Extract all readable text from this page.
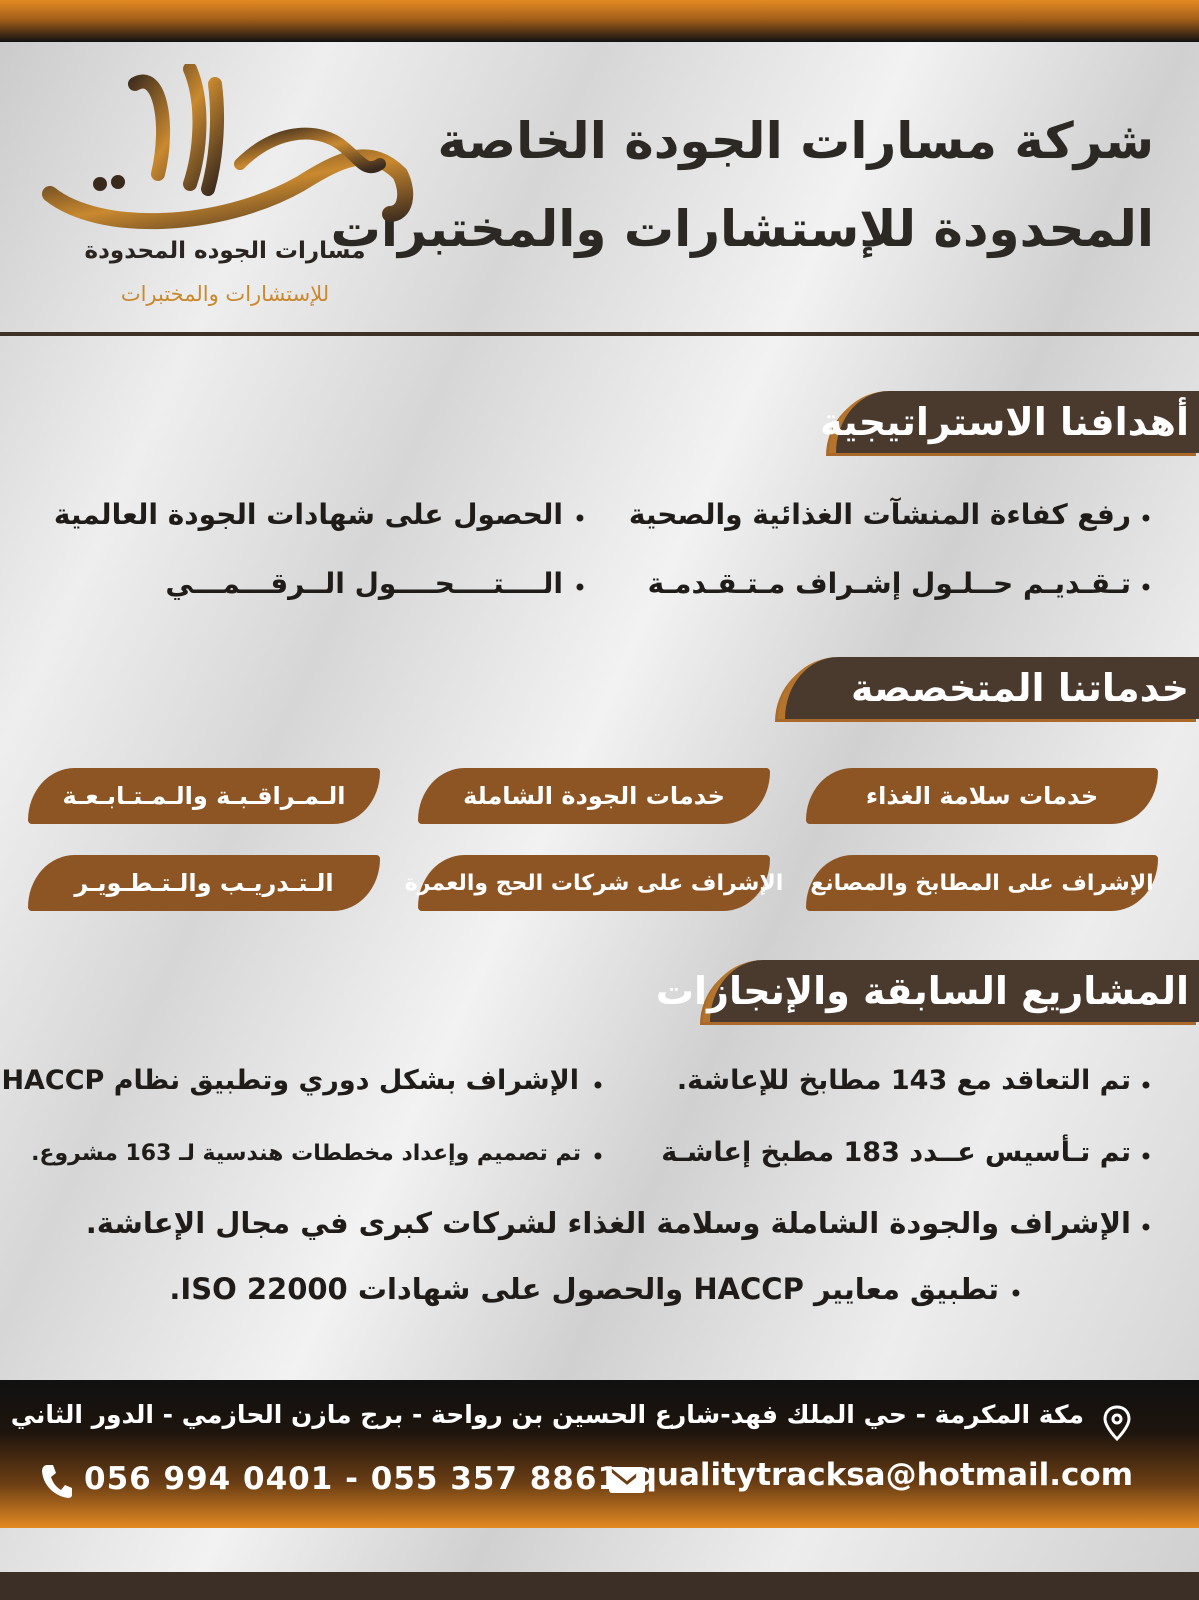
شركة مسارات الجودة الخاصة
المحدودة للإستشارات والمختبرات
مسارات الجوده المحدودة
للإستشارات والمختبرات
أهدافنا الاستراتيجية
•
رفع كفاءة المنشآت الغذائية والصحية
•
الحصول على شهادات الجودة العالمية
•
تـقـديـم حــلـول إشـراف مـتـقـدمـة
•
الــــتــــحــــول الــرقـــمـــي
خدماتنا المتخصصة
خدمات سلامة الغذاء
خدمات الجودة الشاملة
الـمـراقـبـة والـمـتـابـعـة
الإشراف على المطابخ والمصانع
الإشراف على شركات الحج والعمرة
الـتـدريـب والـتـطـويـر
المشاريع السابقة والإنجازات
•
تم التعاقد مع 143 مطابخ للإعاشة.
•
الإشراف بشكل دوري وتطبيق نظام HACCP
•
تم تـأسيس عــدد 183 مطبخ إعاشـة
•
تم تصميم وإعداد مخططات هندسية لـ 163 مشروع.
•
الإشراف والجودة الشاملة وسلامة الغذاء لشركات كبرى في مجال الإعاشة.
•
تطبيق معايير HACCP والحصول على شهادات ISO 22000.
مكة المكرمة - حي الملك فهد-شارع الحسين بن رواحة - برج مازن الحازمي - الدور الثاني
qualitytracksa@hotmail.com
056 994 0401 - 055 357 8861
